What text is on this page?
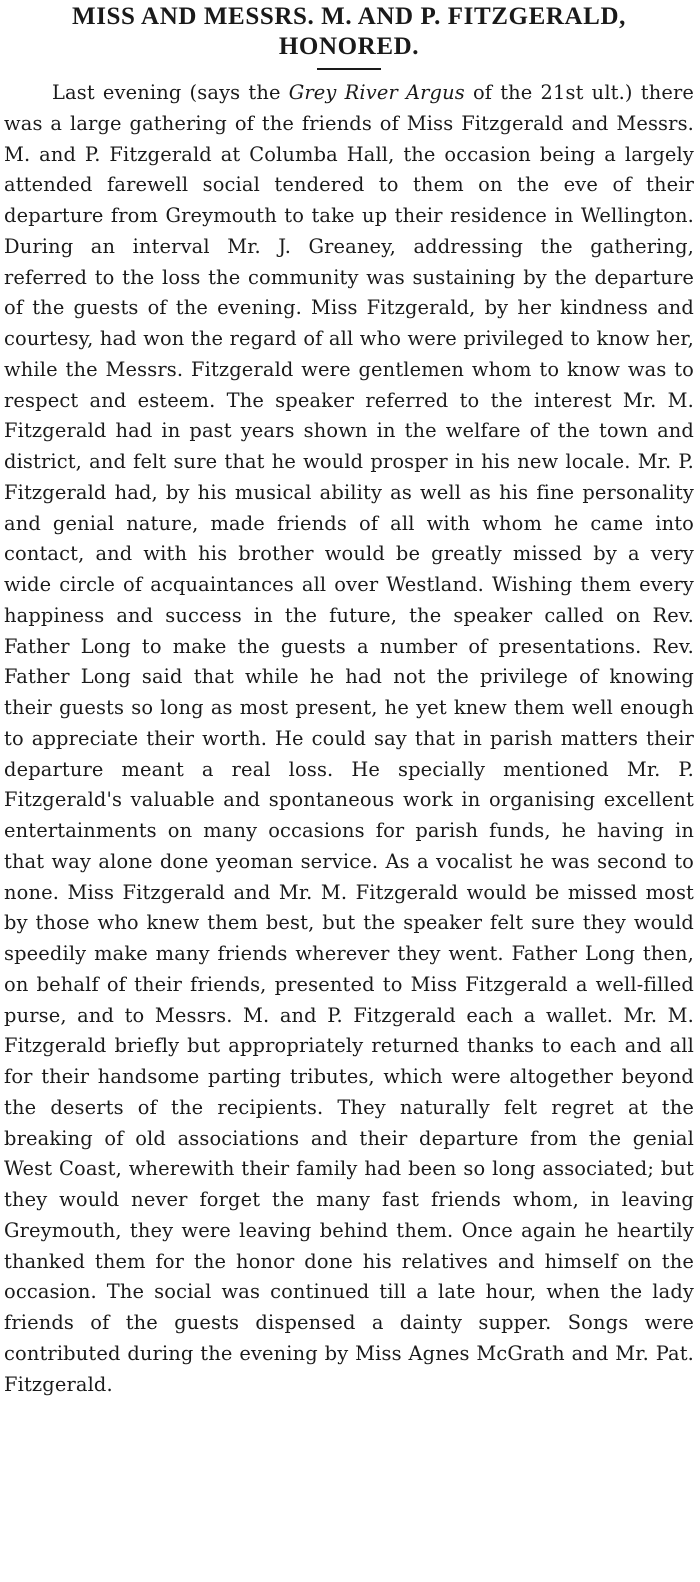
MISS AND MESSRS. M. AND P. FITZGERALD,
HONORED.

Last evening (says the Grey River Argus of the 21st ult.) there was a large gathering of the friends of Miss Fitzgerald and Messrs. M. and P. Fitzgerald at Columba Hall, the occasion being a largely attended farewell social tendered to them on the eve of their departure from Greymouth to take up their residence in Wellington. During an interval Mr. J. Greaney, addressing the gathering, referred to the loss the community was sustaining by the departure of the guests of the evening. Miss Fitzgerald, by her kindness and courtesy, had won the regard of all who were privileged to know her, while the Messrs. Fitzgerald were gentlemen whom to know was to respect and esteem. The speaker referred to the interest Mr. M. Fitzgerald had in past years shown in the welfare of the town and district, and felt sure that he would prosper in his new locale. Mr. P. Fitzgerald had, by his musical ability as well as his fine personality and genial nature, made friends of all with whom he came into contact, and with his brother would be greatly missed by a very wide circle of acquaintances all over Westland. Wishing them every happiness and success in the future, the speaker called on Rev. Father Long to make the guests a number of presentations. Rev. Father Long said that while he had not the privilege of knowing their guests so long as most present, he yet knew them well enough to appreciate their worth. He could say that in parish matters their departure meant a real loss. He specially mentioned Mr. P. Fitzgerald's valuable and spontaneous work in organising excellent entertainments on many occasions for parish funds, he having in that way alone done yeoman service. As a vocalist he was second to none. Miss Fitzgerald and Mr. M. Fitzgerald would be missed most by those who knew them best, but the speaker felt sure they would speedily make many friends wherever they went. Father Long then, on behalf of their friends, presented to Miss Fitzgerald a well-filled purse, and to Messrs. M. and P. Fitzgerald each a wallet. Mr. M. Fitzgerald briefly but appropriately returned thanks to each and all for their handsome parting tributes, which were altogether beyond the deserts of the recipients. They naturally felt regret at the breaking of old associations and their departure from the genial West Coast, wherewith their family had been so long associated; but they would never forget the many fast friends whom, in leaving Greymouth, they were leaving behind them. Once again he heartily thanked them for the honor done his relatives and himself on the occasion. The social was continued till a late hour, when the lady friends of the guests dispensed a dainty supper. Songs were contributed during the evening by Miss Agnes McGrath and Mr. Pat. Fitzgerald.
